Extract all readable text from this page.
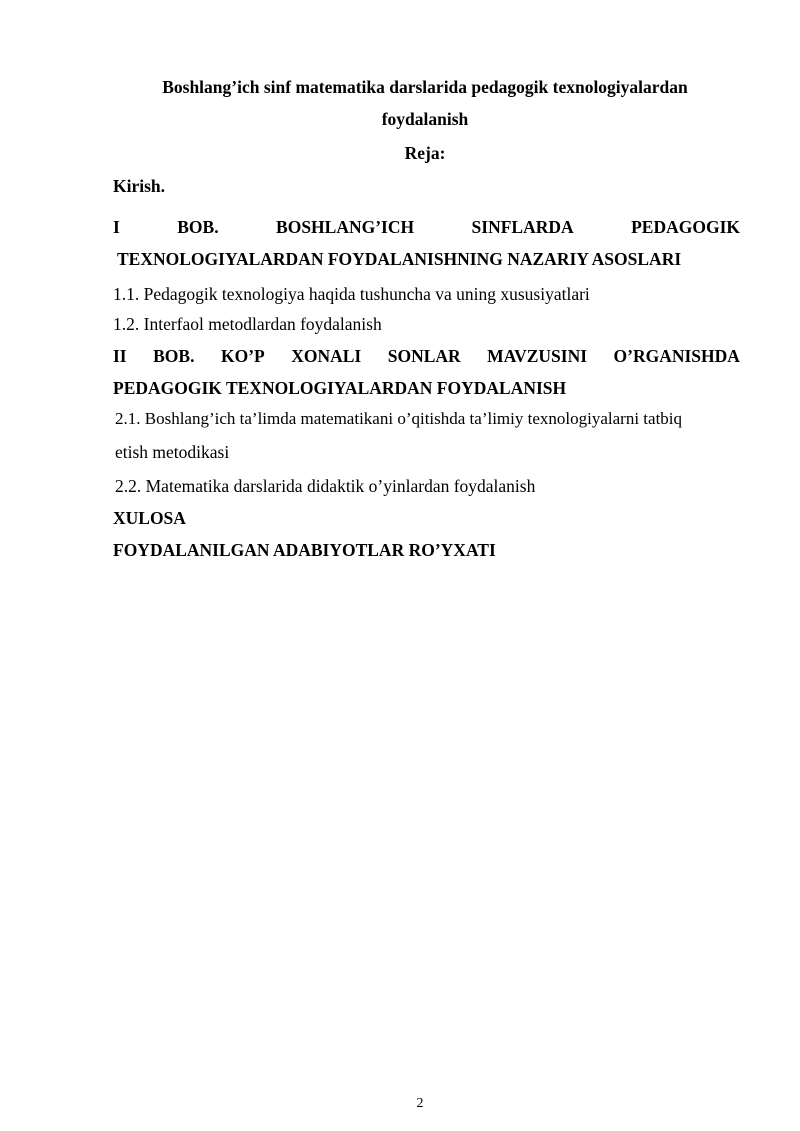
Boshlang’ich sinf matematika darslarida pedagogik texnologiyalardan
foydalanish
Reja:
Kirish.
I	BOB.	BOSHLANG’ICH	SINFLARDA	PEDAGOGIK
TEXNOLOGIYALARDAN FOYDALANISHNING NAZARIY ASOSLARI
1.1. Pedagogik texnologiya haqida tushuncha va uning xususiyatlari
1.2. Interfaol metodlardan foydalanish
II BOB. KO’P XONALI SONLAR MAVZUSINI O’RGANISHDA
PEDAGOGIK TEXNOLOGIYALARDAN FOYDALANISH
2.1. Boshlang’ich ta’limda matematikani o’qitishda ta’limiy texnologiyalarni tatbiq
etish metodikasi
2.2. Matematika darslarida didaktik o’yinlardan foydalanish
XULOSA
FOYDALANILGAN ADABIYOTLAR RO’YXATI
2
